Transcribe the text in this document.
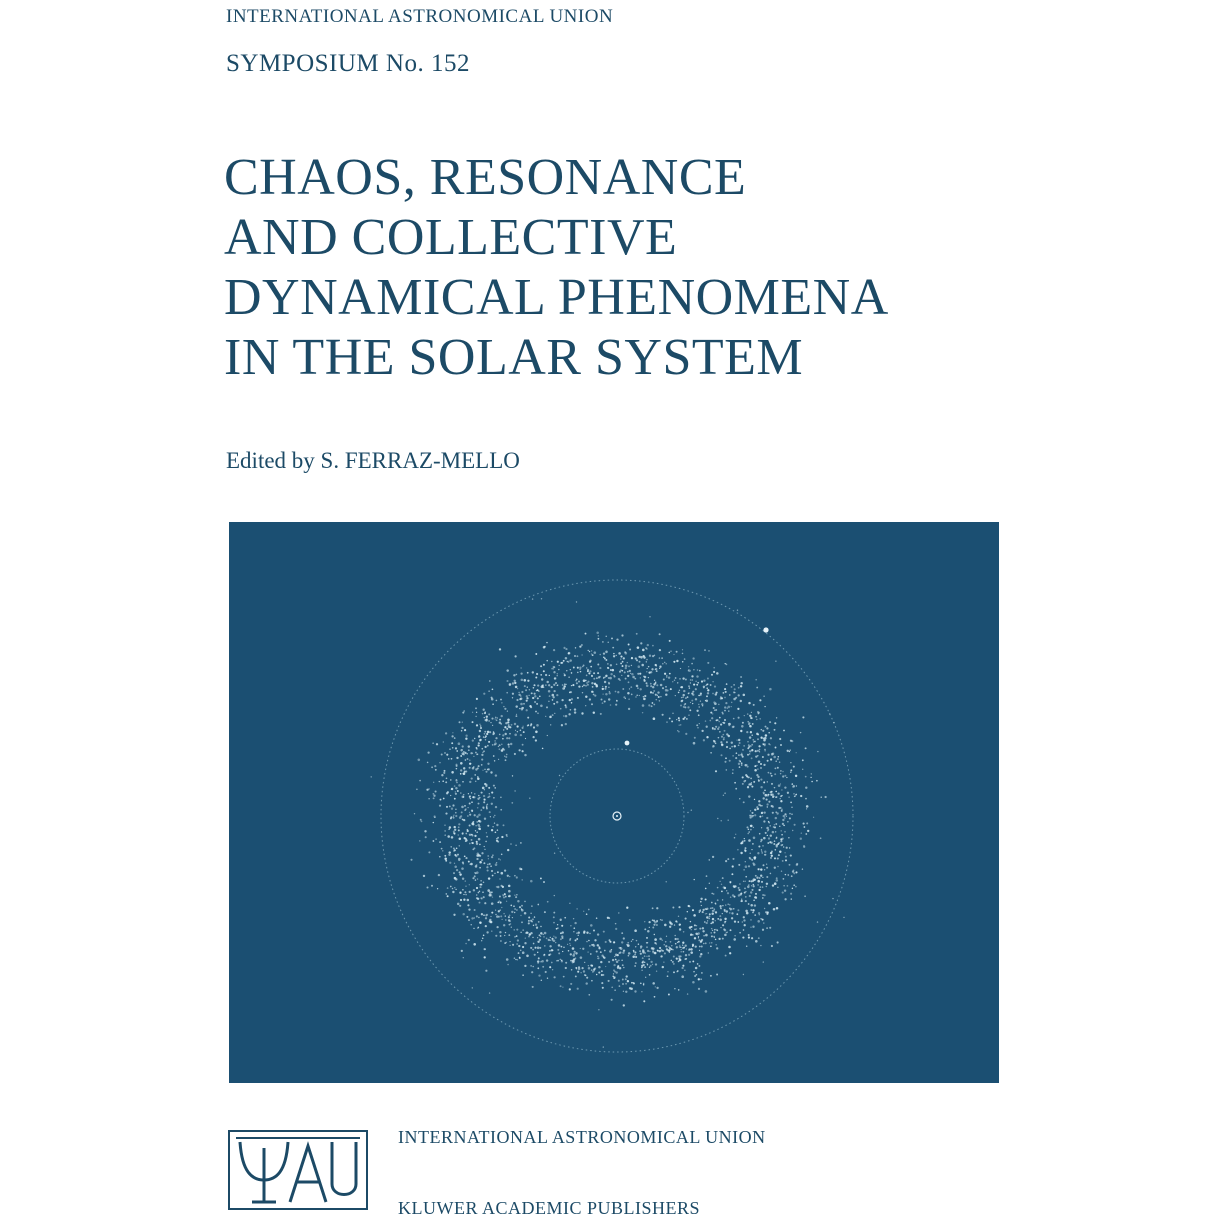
INTERNATIONAL ASTRONOMICAL UNION
SYMPOSIUM No. 152
CHAOS, RESONANCE
AND COLLECTIVE
DYNAMICAL PHENOMENA
IN THE SOLAR SYSTEM
Edited by S. FERRAZ-MELLO
INTERNATIONAL ASTRONOMICAL UNION
KLUWER ACADEMIC PUBLISHERS
